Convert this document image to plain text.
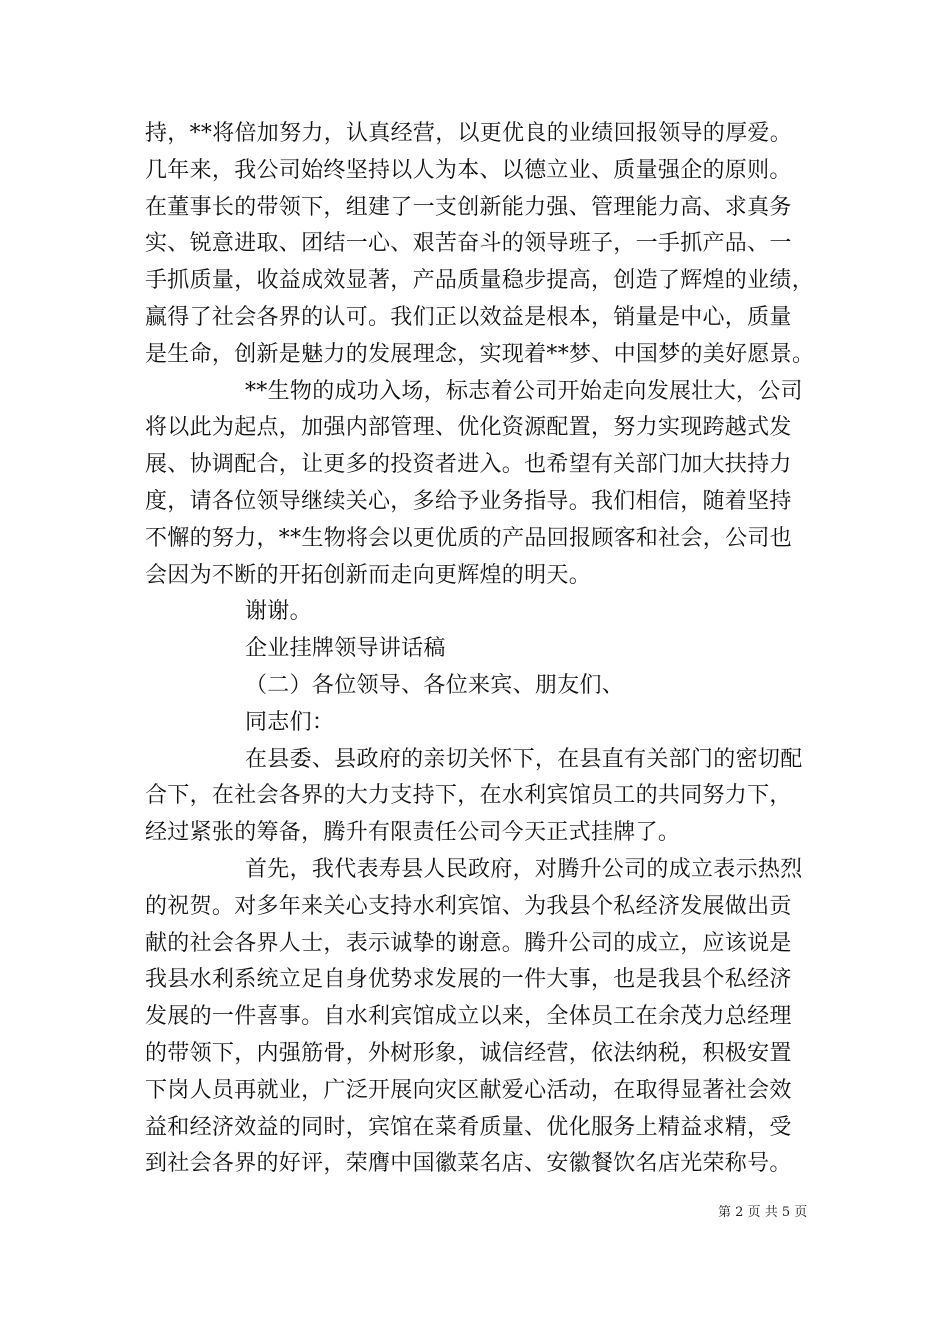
持，**将倍加努力，认真经营，以更优良的业绩回报领导的厚爱。
几年来，我公司始终坚持以人为本、以德立业、质量强企的原则。
在董事长的带领下，组建了一支创新能力强、管理能力高、求真务
实、锐意进取、团结一心、艰苦奋斗的领导班子，一手抓产品、一
手抓质量，收益成效显著，产品质量稳步提高，创造了辉煌的业绩，
赢得了社会各界的认可。我们正以效益是根本，销量是中心，质量
是生命，创新是魅力的发展理念，实现着**梦、中国梦的美好愿景。
**生物的成功入场，标志着公司开始走向发展壮大，公司
将以此为起点，加强内部管理、优化资源配置，努力实现跨越式发
展、协调配合，让更多的投资者进入。也希望有关部门加大扶持力
度，请各位领导继续关心，多给予业务指导。我们相信，随着坚持
不懈的努力，**生物将会以更优质的产品回报顾客和社会，公司也
会因为不断的开拓创新而走向更辉煌的明天。
谢谢。
企业挂牌领导讲话稿
（二）各位领导、各位来宾、朋友们、
同志们：
在县委、县政府的亲切关怀下，在县直有关部门的密切配
合下，在社会各界的大力支持下，在水利宾馆员工的共同努力下，
经过紧张的筹备，腾升有限责任公司今天正式挂牌了。
首先，我代表寿县人民政府，对腾升公司的成立表示热烈
的祝贺。对多年来关心支持水利宾馆、为我县个私经济发展做出贡
献的社会各界人士，表示诚挚的谢意。腾升公司的成立，应该说是
我县水利系统立足自身优势求发展的一件大事，也是我县个私经济
发展的一件喜事。自水利宾馆成立以来，全体员工在余茂力总经理
的带领下，内强筋骨，外树形象，诚信经营，依法纳税，积极安置
下岗人员再就业，广泛开展向灾区献爱心活动，在取得显著社会效
益和经济效益的同时，宾馆在菜肴质量、优化服务上精益求精，受
到社会各界的好评，荣膺中国徽菜名店、安徽餐饮名店光荣称号。
第 2 页 共 5 页
